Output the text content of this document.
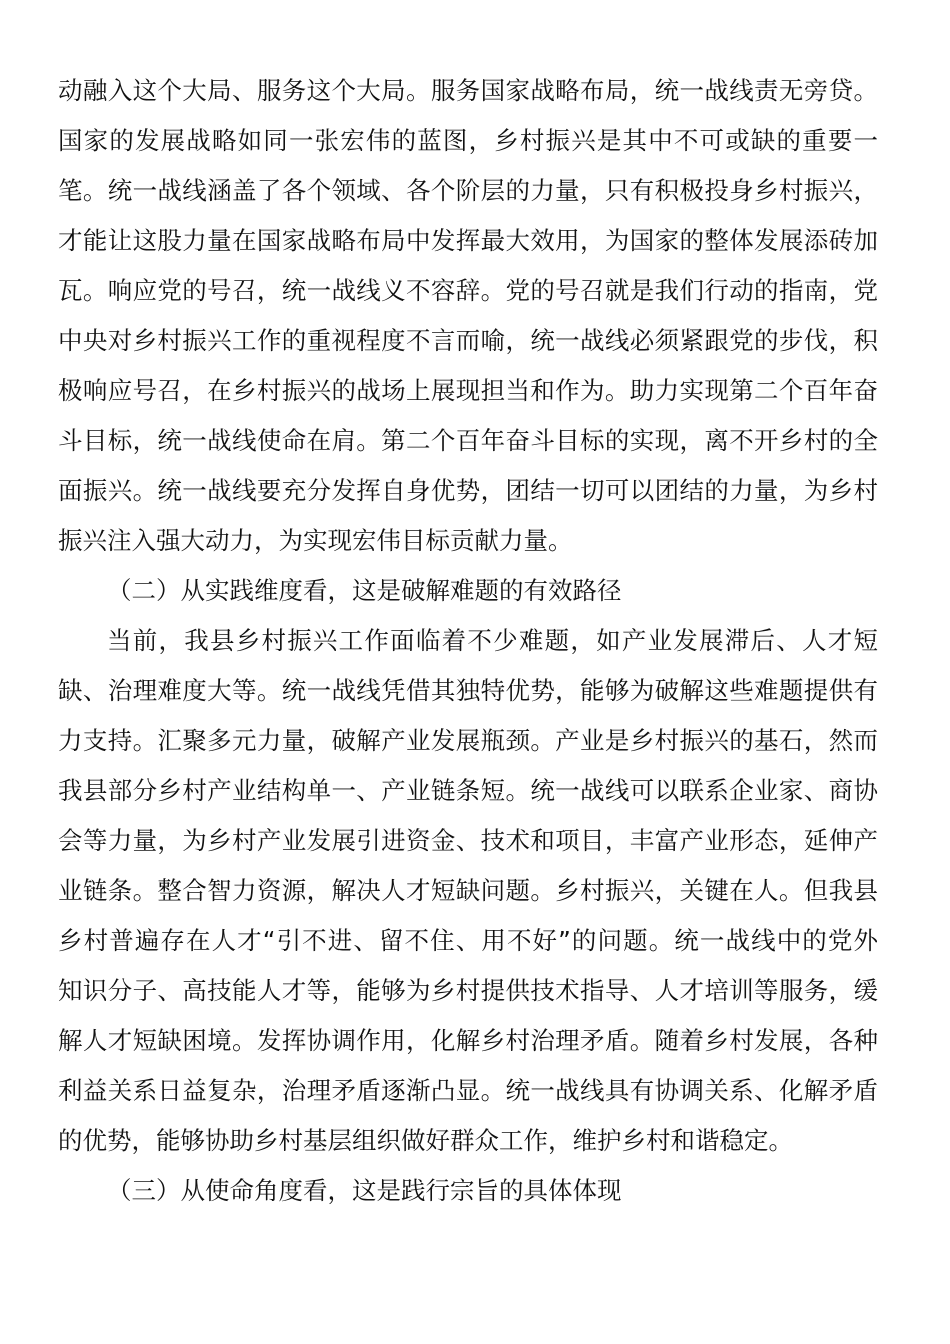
动融入这个大局、服务这个大局。服务国家战略布局，统一战线责无旁贷。

国家的发展战略如同一张宏伟的蓝图，乡村振兴是其中不可或缺的重要一

笔。统一战线涵盖了各个领域、各个阶层的力量，只有积极投身乡村振兴，

才能让这股力量在国家战略布局中发挥最大效用，为国家的整体发展添砖加

瓦。响应党的号召，统一战线义不容辞。党的号召就是我们行动的指南，党

中央对乡村振兴工作的重视程度不言而喻，统一战线必须紧跟党的步伐，积

极响应号召，在乡村振兴的战场上展现担当和作为。助力实现第二个百年奋

斗目标，统一战线使命在肩。第二个百年奋斗目标的实现，离不开乡村的全

面振兴。统一战线要充分发挥自身优势，团结一切可以团结的力量，为乡村

振兴注入强大动力，为实现宏伟目标贡献力量。

（二）从实践维度看，这是破解难题的有效路径

当前，我县乡村振兴工作面临着不少难题，如产业发展滞后、人才短

缺、治理难度大等。统一战线凭借其独特优势，能够为破解这些难题提供有

力支持。汇聚多元力量，破解产业发展瓶颈。产业是乡村振兴的基石，然而

我县部分乡村产业结构单一、产业链条短。统一战线可以联系企业家、商协

会等力量，为乡村产业发展引进资金、技术和项目，丰富产业形态，延伸产

业链条。整合智力资源，解决人才短缺问题。乡村振兴，关键在人。但我县

乡村普遍存在人才“引不进、留不住、用不好”的问题。统一战线中的党外

知识分子、高技能人才等，能够为乡村提供技术指导、人才培训等服务，缓

解人才短缺困境。发挥协调作用，化解乡村治理矛盾。随着乡村发展，各种

利益关系日益复杂，治理矛盾逐渐凸显。统一战线具有协调关系、化解矛盾

的优势，能够协助乡村基层组织做好群众工作，维护乡村和谐稳定。

（三）从使命角度看，这是践行宗旨的具体体现
